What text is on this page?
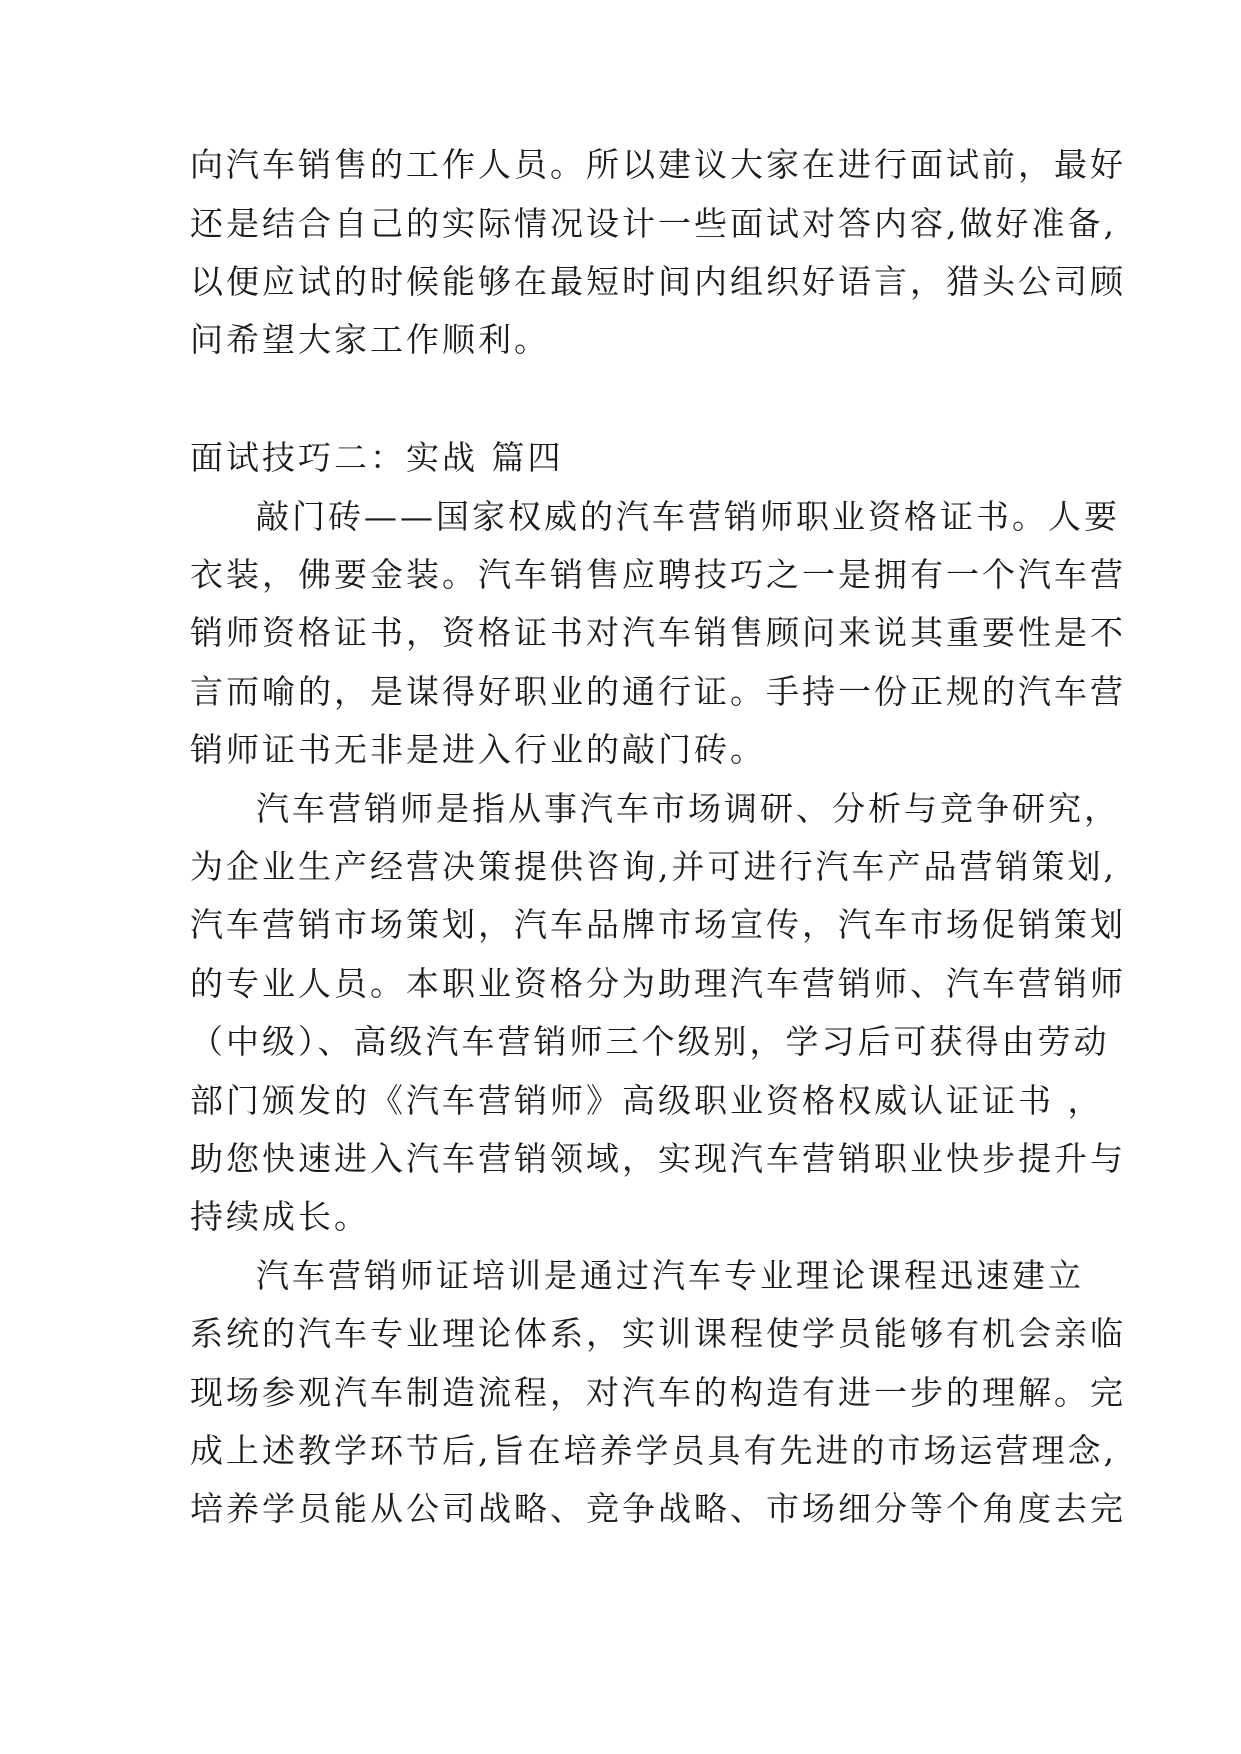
向汽车销售的工作人员。所以建议大家在进行面试前，最好
还是结合自己的实际情况设计一些面试对答内容,做好准备,
以便应试的时候能够在最短时间内组织好语言，猎头公司顾
问希望大家工作顺利。
面试技巧二：实战 篇四
敲门砖——国家权威的汽车营销师职业资格证书。人要
衣装，佛要金装。汽车销售应聘技巧之一是拥有一个汽车营
销师资格证书，资格证书对汽车销售顾问来说其重要性是不
言而喻的，是谋得好职业的通行证。手持一份正规的汽车营
销师证书无非是进入行业的敲门砖。
汽车营销师是指从事汽车市场调研、分析与竞争研究，
为企业生产经营决策提供咨询,并可进行汽车产品营销策划,
汽车营销市场策划，汽车品牌市场宣传，汽车市场促销策划
的专业人员。本职业资格分为助理汽车营销师、汽车营销师
（中级）、高级汽车营销师三个级别，学习后可获得由劳动
部门颁发的《汽车营销师》高级职业资格权威认证证书 ，
助您快速进入汽车营销领域，实现汽车营销职业快步提升与
持续成长。
汽车营销师证培训是通过汽车专业理论课程迅速建立
系统的汽车专业理论体系，实训课程使学员能够有机会亲临
现场参观汽车制造流程，对汽车的构造有进一步的理解。完
成上述教学环节后,旨在培养学员具有先进的市场运营理念,
培养学员能从公司战略、竞争战略、市场细分等个角度去完
